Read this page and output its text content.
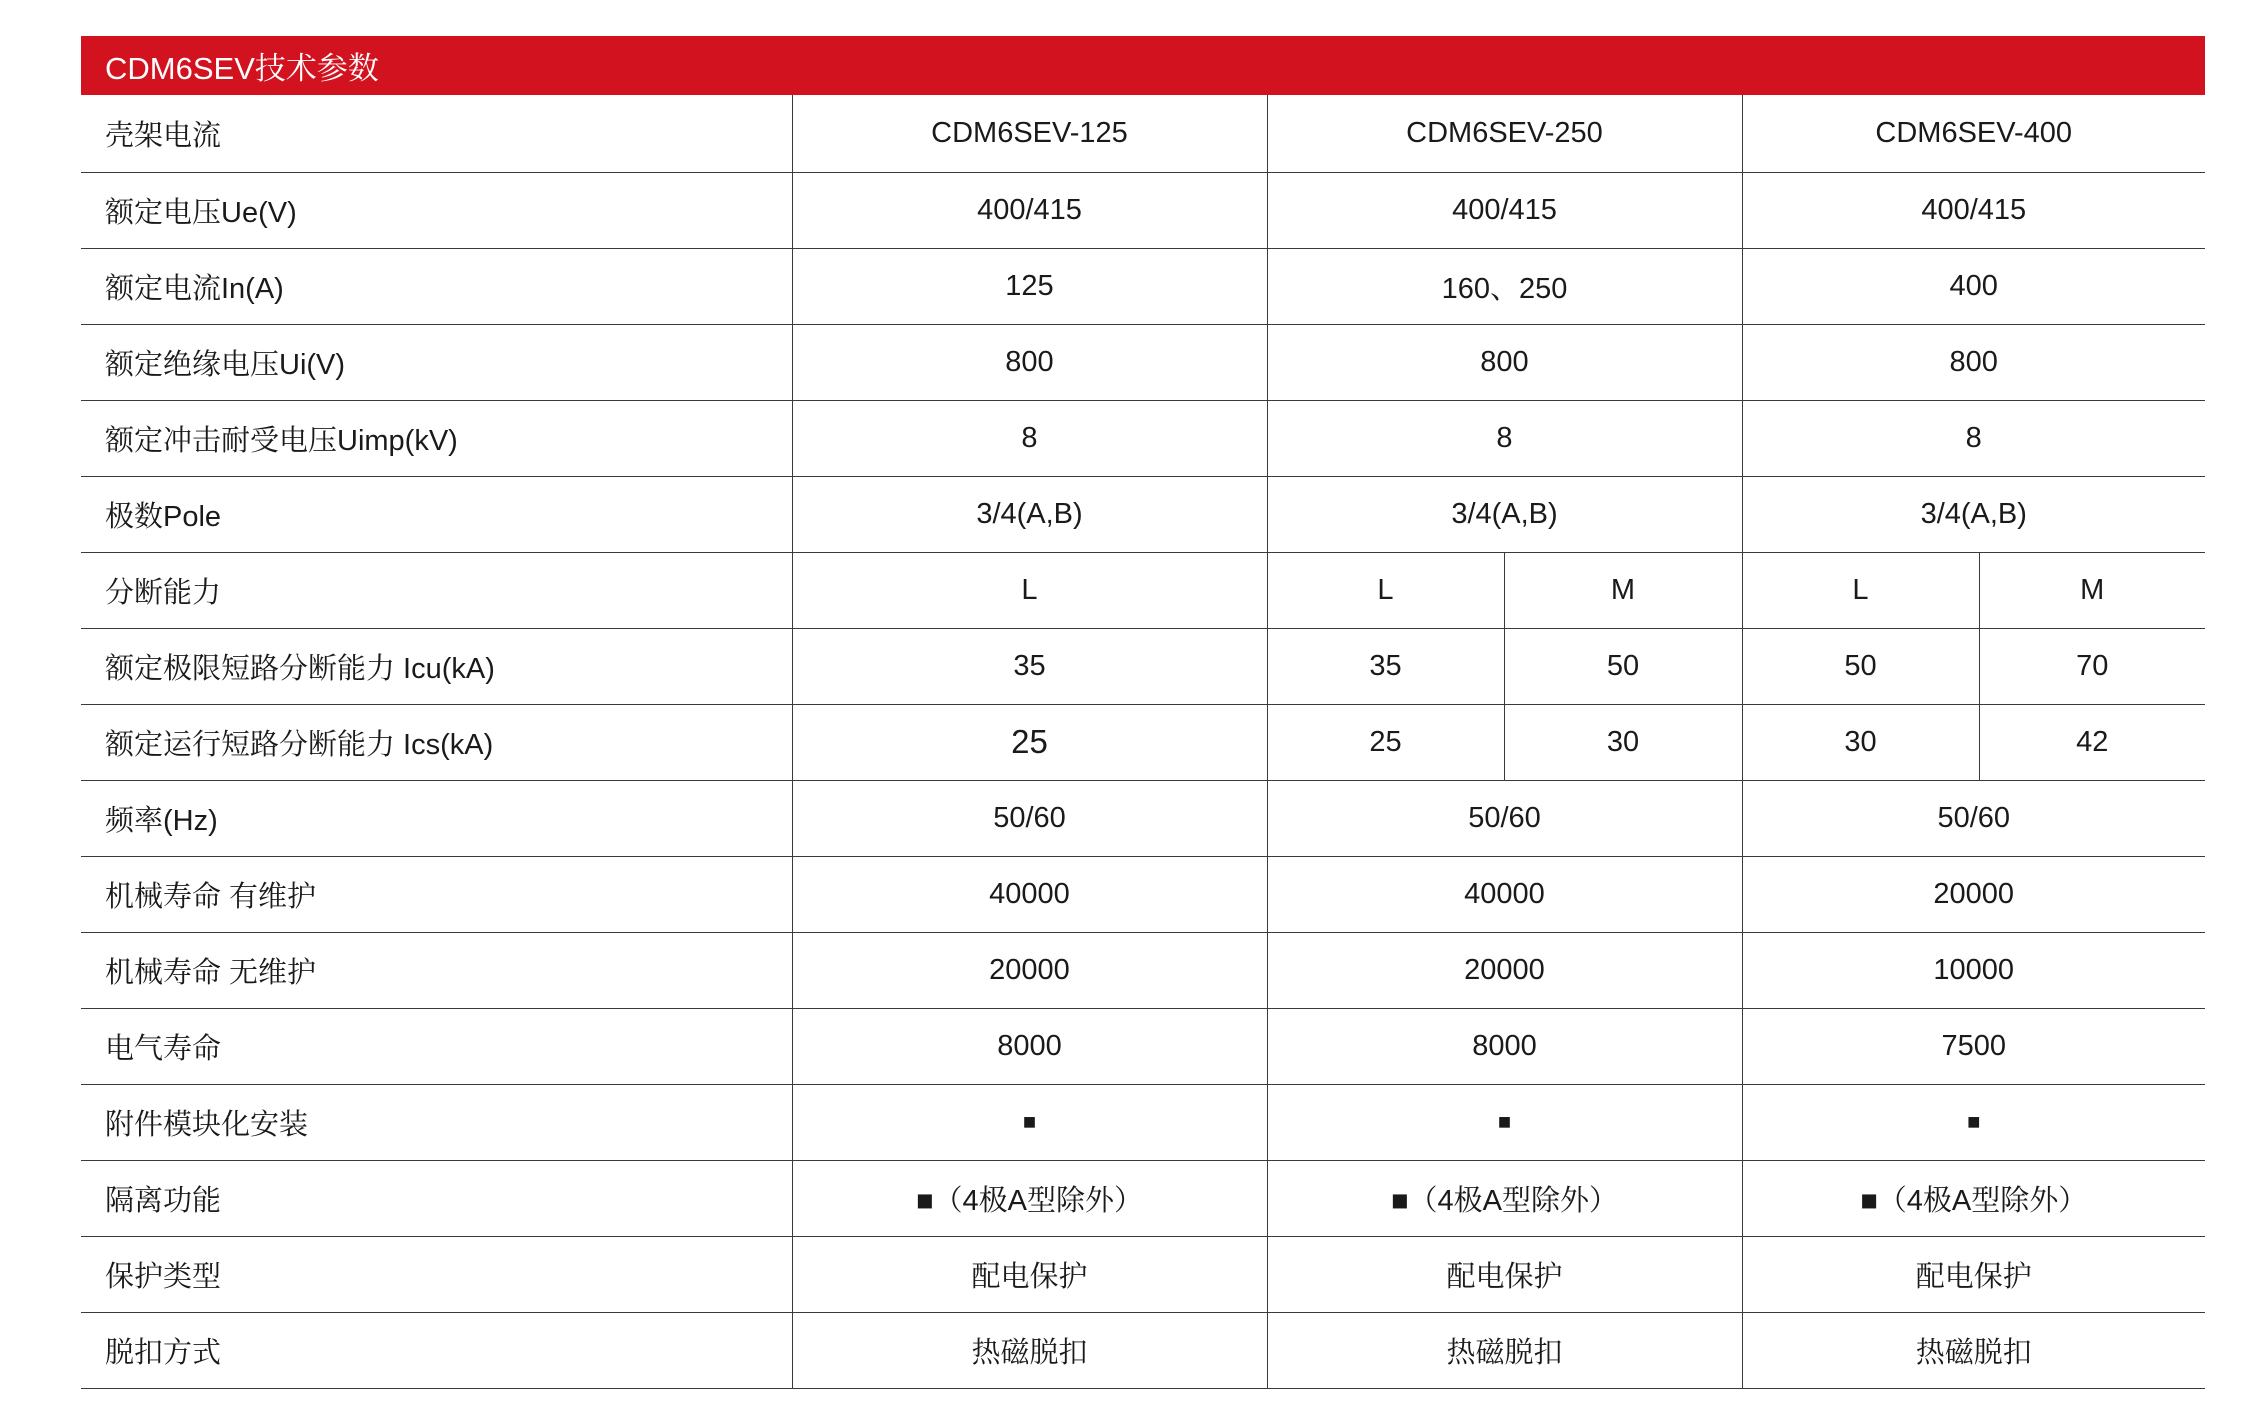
CDM6SEV技术参数
壳架电流	CDM6SEV-125	CDM6SEV-250		CDM6SEV-400	
额定电压Ue(V)	400/415	400/415		400/415	
额定电流In(A)	125	160、250		400	
额定绝缘电压Ui(V)	800	800		800	
额定冲击耐受电压Uimp(kV)	8	8		8	
极数Pole	3/4(A,B)	3/4(A,B)		3/4(A,B)	
分断能力	L	L	M	L	M
额定极限短路分断能力 Icu(kA)	35	35	50	50	70
额定运行短路分断能力 Ics(kA)	25	25	30	30	42
频率(Hz)	50/60	50/60		50/60	
机械寿命 有维护	40000	40000		20000	
机械寿命 无维护	20000	20000		10000	
电气寿命	8000	8000		7500	
附件模块化安装	■	■		■	
隔离功能	■（4极A型除外）	■（4极A型除外）		■（4极A型除外）	
保护类型	配电保护	配电保护		配电保护	
脱扣方式	热磁脱扣	热磁脱扣		热磁脱扣	
